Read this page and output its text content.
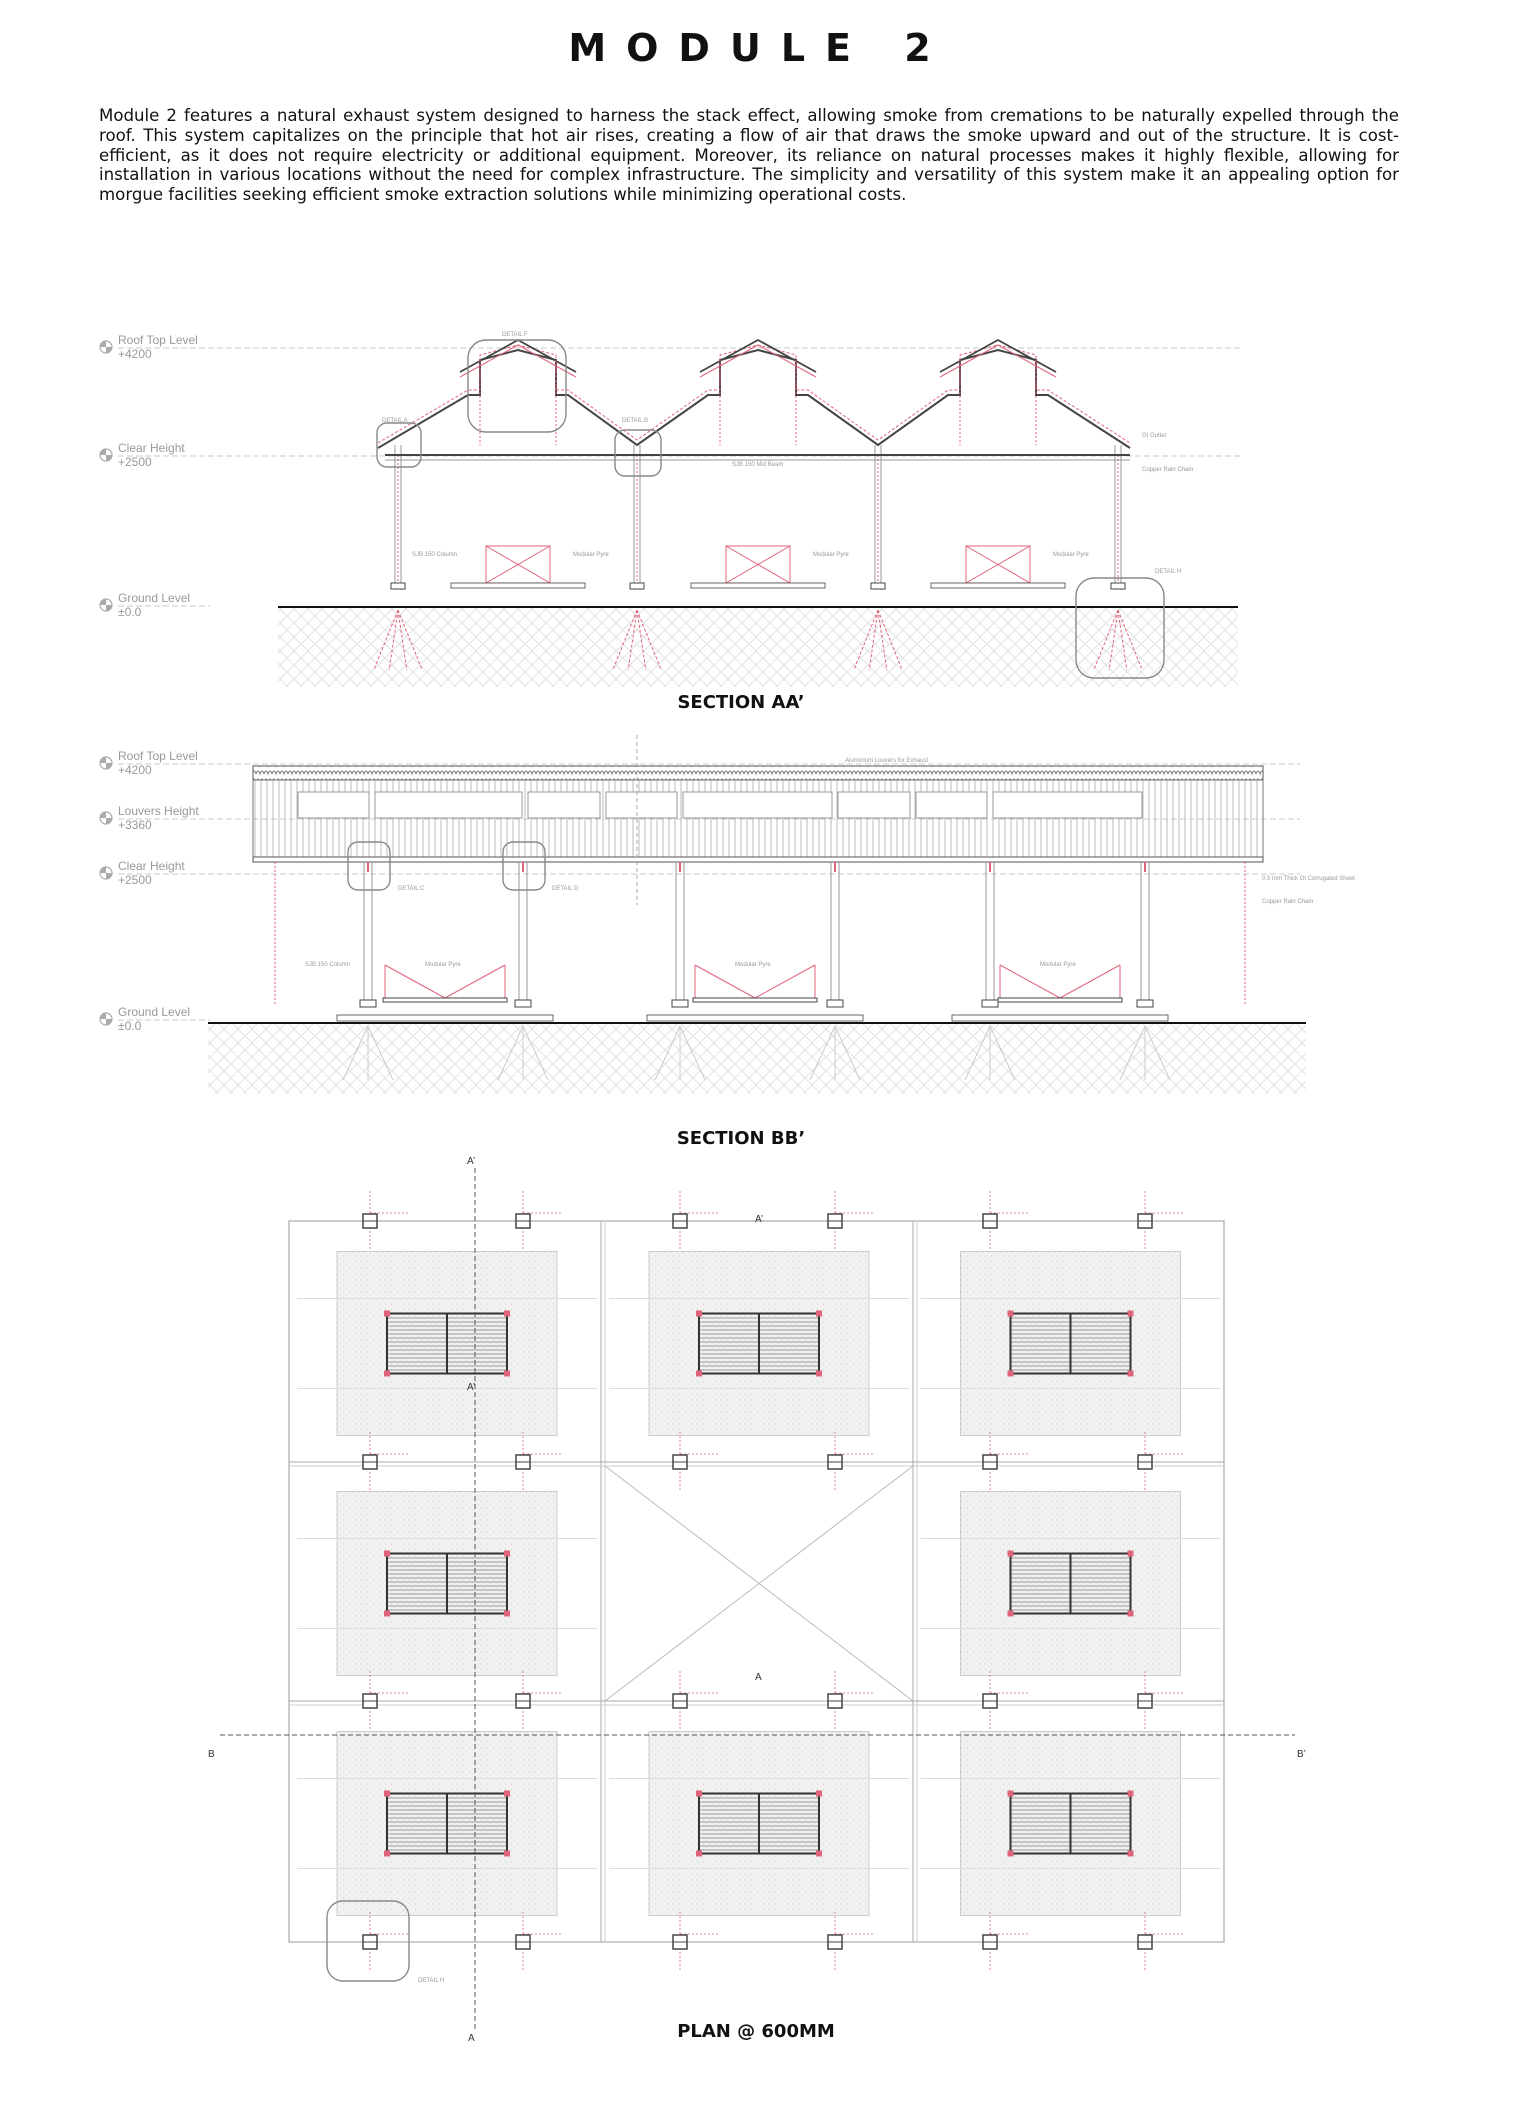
MODULE 2
Module 2 features a natural exhaust system designed to harness the stack effect, allowing smoke from cremations to be naturally expelled through the roof. This system capitalizes on the principle that hot air rises, creating a flow of air that draws the smoke upward and out of the structure. It is cost-efficient, as it does not require electricity or additional equipment. Moreover, its reliance on natural processes makes it highly flexible, allowing for installation in various locations without the need for complex infrastructure. The simplicity and versatility of this system make it an appealing option for morgue facilities seeking efficient smoke extraction solutions while minimizing operational costs.
SECTION AA’
SECTION BB’
PLAN @ 600MM
Roof Top Level
+4200
Clear Height
+2500
Ground Level
±0.0
Modular Pyre	Modular Pyre	Modular Pyre
DETAIL F
DETAIL A	DETAIL B
DETAIL H
SJB 150 Mid Beam
SJB 150 Column
GI Gutter
Copper Rain Chain
Roof Top Level
+4200
Louvers Height
+3360
Clear Height
+2500
Ground Level
±0.0
Modular Pyre	Modular Pyre	Modular Pyre
DETAIL C	DETAIL D
SJB 150 Column
Aluminium Louvers for Exhaust
0.5 mm Thick GI Corrugated Sheet
Copper Rain Chain
A’
A’
A’
A
A
B	B’
DETAIL H
